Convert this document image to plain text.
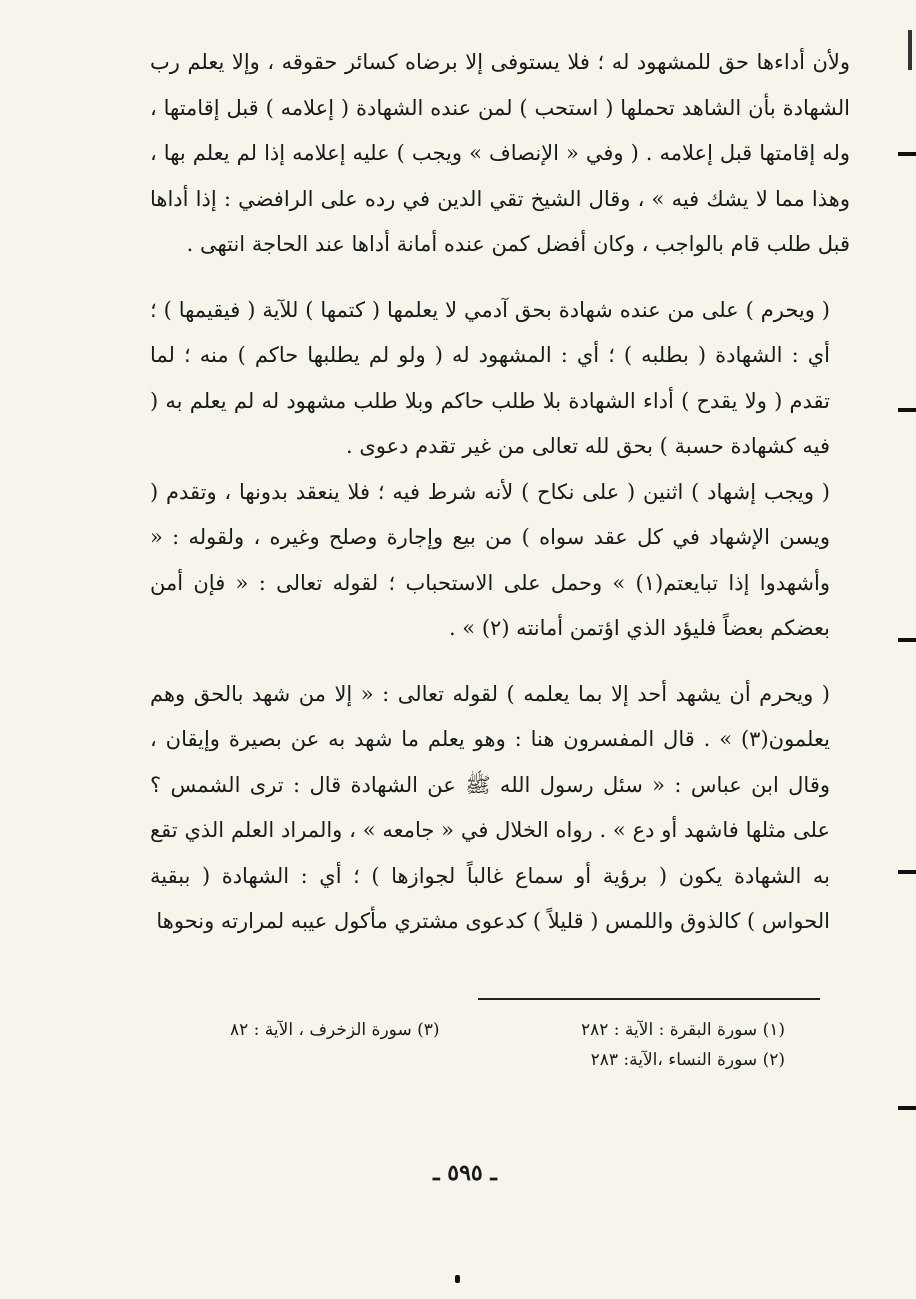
ولأن أداءها حق للمشهود له ؛ فلا يستوفى إلا برضاه كسائر حقوقه ، وإلا يعلم رب الشهادة بأن الشاهد تحملها ( استحب ) لمن عنده الشهادة ( إعلامه ) قبل إقامتها ، وله إقامتها قبل إعلامه . ( وفي « الإنصاف » ويجب ) عليه إعلامه إذا لم يعلم بها ، وهذا مما لا يشك فيه » ، وقال الشيخ تقي الدين في رده على الرافضي : إذا أداها قبل طلب قام بالواجب ، وكان أفضل كمن عنده أمانة أداها عند الحاجة انتهى .

( ويحرم ) على من عنده شهادة بحق آدمي لا يعلمها ( كتمها ) للآية ( فيقيمها ) ؛ أي : الشهادة ( بطلبه ) ؛ أي : المشهود له ( ولو لم يطلبها حاكم ) منه ؛ لما تقدم ( ولا يقدح ) أداء الشهادة بلا طلب حاكم وبلا طلب مشهود له لم يعلم به ( فيه كشهادة حسبة ) بحق لله تعالى من غير تقدم دعوى .

( ويجب إشهاد ) اثنين ( على نكاح ) لأنه شرط فيه ؛ فلا ينعقد بدونها ، وتقدم ( ويسن الإشهاد في كل عقد سواه ) من بيع وإجارة وصلح وغيره ، ولقوله : « وأشهدوا إذا تبايعتم(١) » وحمل على الاستحباب ؛ لقوله تعالى : « فإن أمن بعضكم بعضاً فليؤد الذي اؤتمن أمانته (٢) » .

( ويحرم أن يشهد أحد إلا بما يعلمه ) لقوله تعالى : « إلا من شهد بالحق وهم يعلمون(٣) » . قال المفسرون هنا : وهو يعلم ما شهد به عن بصيرة وإيقان ، وقال ابن عباس : « سئل رسول الله ﷺ عن الشهادة قال : ترى الشمس ؟ على مثلها فاشهد أو دع » . رواه الخلال في « جامعه » ، والمراد العلم الذي تقع به الشهادة يكون ( برؤية أو سماع غالباً لجوازها ) ؛ أي : الشهادة ( ببقية الحواس ) كالذوق واللمس ( قليلاً ) كدعوى مشتري مأكول عيبه لمرارته ونحوها

(١) سورة البقرة : الآية : ٢٨٢
(٣) سورة الزخرف ، الآية : ٨٢
(٢) سورة النساء ،الآية: ٢٨٣
ـ ٥٩٥ ـ
